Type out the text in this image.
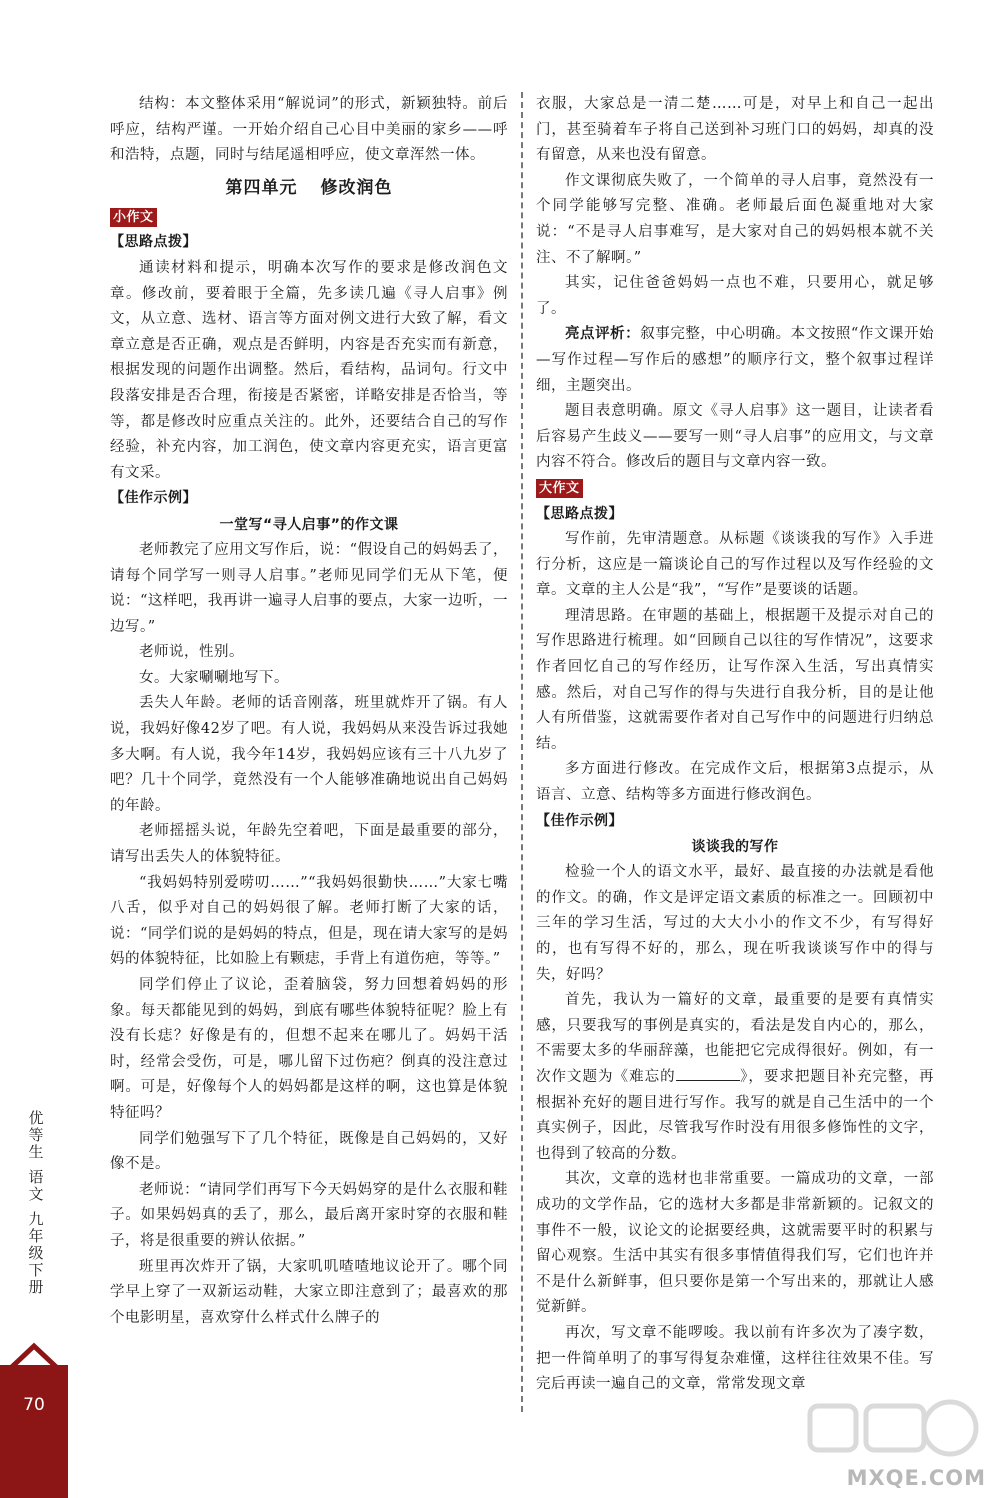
优等生
语文
九年级下册
70

结构：本文整体采用“解说词”的形式，新颖独特。前后呼应，结构严谨。一开始介绍自己心目中美丽的家乡——呼和浩特，点题，同时与结尾遥相呼应，使文章浑然一体。

第四单元 修改润色
小作文
【思路点拨】

通读材料和提示，明确本次写作的要求是修改润色文章。修改前，要着眼于全篇，先多读几遍《寻人启事》例文，从立意、选材、语言等方面对例文进行大致了解，看文章立意是否正确，观点是否鲜明，内容是否充实而有新意，根据发现的问题作出调整。然后，看结构，品词句。行文中段落安排是否合理，衔接是否紧密，详略安排是否恰当，等等，都是修改时应重点关注的。此外，还要结合自己的写作经验，补充内容，加工润色，使文章内容更充实，语言更富有文采。

【佳作示例】
一堂写“寻人启事”的作文课

老师教完了应用文写作后，说：“假设自己的妈妈丢了，请每个同学写一则寻人启事。”老师见同学们无从下笔，便说：“这样吧，我再讲一遍寻人启事的要点，大家一边听，一边写。”

老师说，性别。

女。大家唰唰地写下。

丢失人年龄。老师的话音刚落，班里就炸开了锅。有人说，我妈好像42岁了吧。有人说，我妈妈从来没告诉过我她多大啊。有人说，我今年14岁，我妈妈应该有三十八九岁了吧？几十个同学，竟然没有一个人能够准确地说出自己妈妈的年龄。

老师摇摇头说，年龄先空着吧，下面是最重要的部分，请写出丢失人的体貌特征。

“我妈妈特别爱唠叨……”“我妈妈很勤快……”大家七嘴八舌，似乎对自己的妈妈很了解。老师打断了大家的话，说：“同学们说的是妈妈的特点，但是，现在请大家写的是妈妈的体貌特征，比如脸上有颗痣，手背上有道伤疤，等等。”

同学们停止了议论，歪着脑袋，努力回想着妈妈的形象。每天都能见到的妈妈，到底有哪些体貌特征呢？脸上有没有长痣？好像是有的，但想不起来在哪儿了。妈妈干活时，经常会受伤，可是，哪儿留下过伤疤？倒真的没注意过啊。可是，好像每个人的妈妈都是这样的啊，这也算是体貌特征吗？

同学们勉强写下了几个特征，既像是自己妈妈的，又好像不是。

老师说：“请同学们再写下今天妈妈穿的是什么衣服和鞋子。如果妈妈真的丢了，那么，最后离开家时穿的衣服和鞋子，将是很重要的辨认依据。”

班里再次炸开了锅，大家叽叽喳喳地议论开了。哪个同学早上穿了一双新运动鞋，大家立即注意到了；最喜欢的那个电影明星，喜欢穿什么样式什么牌子的

衣服，大家总是一清二楚……可是，对早上和自己一起出门，甚至骑着车子将自己送到补习班门口的妈妈，却真的没有留意，从来也没有留意。

作文课彻底失败了，一个简单的寻人启事，竟然没有一个同学能够写完整、准确。老师最后面色凝重地对大家说：“不是寻人启事难写，是大家对自己的妈妈根本就不关注、不了解啊。”

其实，记住爸爸妈妈一点也不难，只要用心，就足够了。

亮点评析：叙事完整，中心明确。本文按照“作文课开始—写作过程—写作后的感想”的顺序行文，整个叙事过程详细，主题突出。

题目表意明确。原文《寻人启事》这一题目，让读者看后容易产生歧义——要写一则“寻人启事”的应用文，与文章内容不符合。修改后的题目与文章内容一致。

大作文
【思路点拨】

写作前，先审清题意。从标题《谈谈我的写作》入手进行分析，这应是一篇谈论自己的写作过程以及写作经验的文章。文章的主人公是“我”，“写作”是要谈的话题。

理清思路。在审题的基础上，根据题干及提示对自己的写作思路进行梳理。如“回顾自己以往的写作情况”，这要求作者回忆自己的写作经历，让写作深入生活，写出真情实感。然后，对自己写作的得与失进行自我分析，目的是让他人有所借鉴，这就需要作者对自己写作中的问题进行归纳总结。

多方面进行修改。在完成作文后，根据第3点提示，从语言、立意、结构等多方面进行修改润色。

【佳作示例】
谈谈我的写作

检验一个人的语文水平，最好、最直接的办法就是看他的作文。的确，作文是评定语文素质的标准之一。回顾初中三年的学习生活，写过的大大小小的作文不少，有写得好的，也有写得不好的，那么，现在听我谈谈写作中的得与失，好吗？

首先，我认为一篇好的文章，最重要的是要有真情实感，只要我写的事例是真实的，看法是发自内心的，那么，不需要太多的华丽辞藻，也能把它完成得很好。例如，有一次作文题为《难忘的	》，要求把题目补充完整，再根据补充好的题目进行写作。我写的就是自己生活中的一个真实例子，因此，尽管我写作时没有用很多修饰性的文字，也得到了较高的分数。

其次，文章的选材也非常重要。一篇成功的文章，一部成功的文学作品，它的选材大多都是非常新颖的。记叙文的事件不一般，议论文的论据要经典，这就需要平时的积累与留心观察。生活中其实有很多事情值得我们写，它们也许并不是什么新鲜事，但只要你是第一个写出来的，那就让人感觉新鲜。

再次，写文章不能啰唆。我以前有许多次为了凑字数，把一件简单明了的事写得复杂难懂，这样往往效果不佳。写完后再读一遍自己的文章，常常发现文章

MXQE.COM
